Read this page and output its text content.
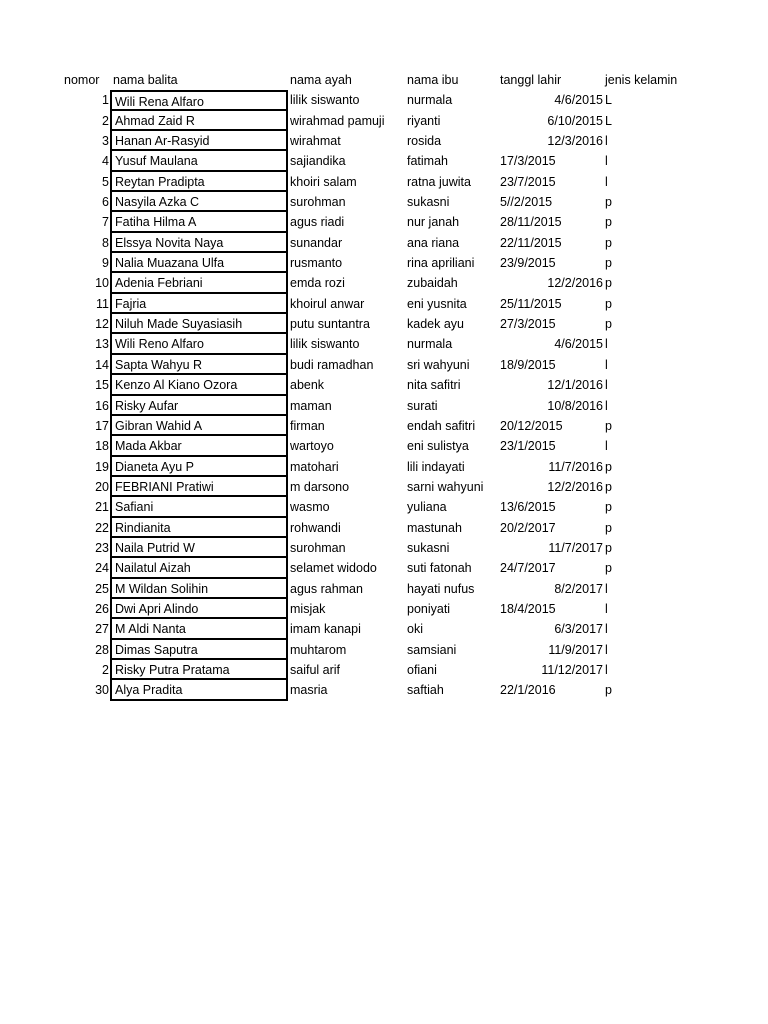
nomor	nama balita	nama ayah	nama ibu	tanggl lahir	jenis kelamin
1 Wili Rena Alfaro	lilik siswanto	nurmala	4/6/2015 L
2 Ahmad Zaid R	wirahmad pamuji	riyanti	6/10/2015 L
3 Hanan Ar-Rasyid	wirahmat	rosida	12/3/2016 l
4 Yusuf Maulana	sajiandika	fatimah	17/3/2015	l
5 Reytan Pradipta	khoiri salam	ratna juwita	23/7/2015	l
6 Nasyila Azka C	surohman	sukasni	5//2/2015	p
7 Fatiha Hilma A	agus riadi	nur janah	28/11/2015	p
8 Elssya Novita Naya	sunandar	ana riana	22/11/2015	p
9 Nalia Muazana Ulfa	rusmanto	rina apriliani	23/9/2015	p
10 Adenia Febriani	emda rozi	zubaidah	12/2/2016 p
11 Fajria	khoirul anwar	eni yusnita	25/11/2015	p
12 Niluh Made Suyasiasih	putu suntantra	kadek ayu	27/3/2015	p
13 Wili Reno Alfaro	lilik siswanto	nurmala	4/6/2015 l
14 Sapta Wahyu R	budi ramadhan	sri wahyuni	18/9/2015	l
15 Kenzo Al Kiano Ozora	abenk	nita safitri	12/1/2016 l
16 Risky Aufar	maman	surati	10/8/2016 l
17 Gibran Wahid A	firman	endah safitri	20/12/2015	p
18 Mada Akbar	wartoyo	eni sulistya	23/1/2015	l
19 Dianeta Ayu P	matohari	lili indayati	11/7/2016 p
20 FEBRIANI Pratiwi	m darsono	sarni wahyuni	12/2/2016 p
21 Safiani	wasmo	yuliana	13/6/2015	p
22 Rindianita	rohwandi	mastunah	20/2/2017	p
23 Naila Putrid W	surohman	sukasni	11/7/2017 p
24 Nailatul Aizah	selamet widodo	suti fatonah	24/7/2017	p
25 M Wildan Solihin	agus rahman	hayati nufus	8/2/2017 l
26 Dwi Apri Alindo	misjak	poniyati	18/4/2015	l
27 M Aldi Nanta	imam kanapi	oki	6/3/2017 l
28 Dimas Saputra	muhtarom	samsiani	11/9/2017 l
2 Risky Putra Pratama	saiful arif	ofiani	11/12/2017 l
30 Alya Pradita	masria	saftiah	22/1/2016	p
